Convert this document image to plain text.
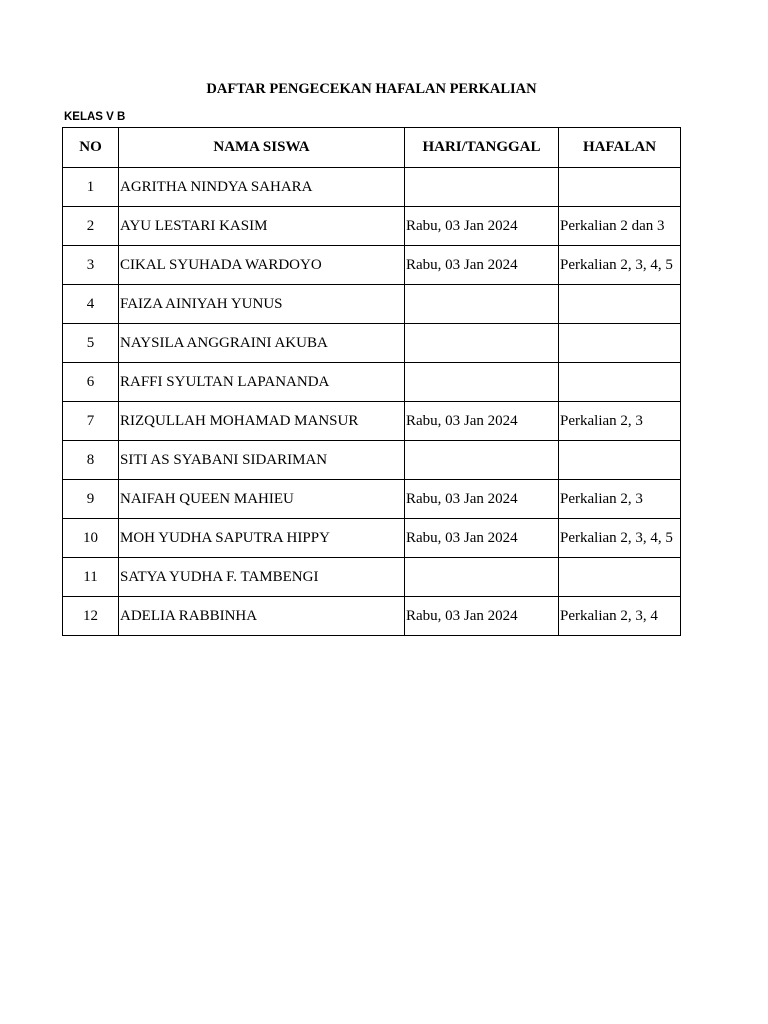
DAFTAR PENGECEKAN HAFALAN PERKALIAN
KELAS V B
NO	NAMA SISWA	HARI/TANGGAL	HAFALAN
1	AGRITHA NINDYA SAHARA		
2	AYU LESTARI KASIM	Rabu, 03 Jan 2024	Perkalian 2 dan 3
3	CIKAL SYUHADA WARDOYO	Rabu, 03 Jan 2024	Perkalian 2, 3, 4, 5
4	FAIZA AINIYAH YUNUS		
5	NAYSILA ANGGRAINI AKUBA		
6	RAFFI SYULTAN LAPANANDA		
7	RIZQULLAH MOHAMAD MANSUR	Rabu, 03 Jan 2024	Perkalian 2, 3
8	SITI AS SYABANI SIDARIMAN		
9	NAIFAH QUEEN MAHIEU	Rabu, 03 Jan 2024	Perkalian 2, 3
10	MOH YUDHA SAPUTRA HIPPY	Rabu, 03 Jan 2024	Perkalian 2, 3, 4, 5
11	SATYA YUDHA F. TAMBENGI		
12	ADELIA RABBINHA	Rabu, 03 Jan 2024	Perkalian 2, 3, 4
